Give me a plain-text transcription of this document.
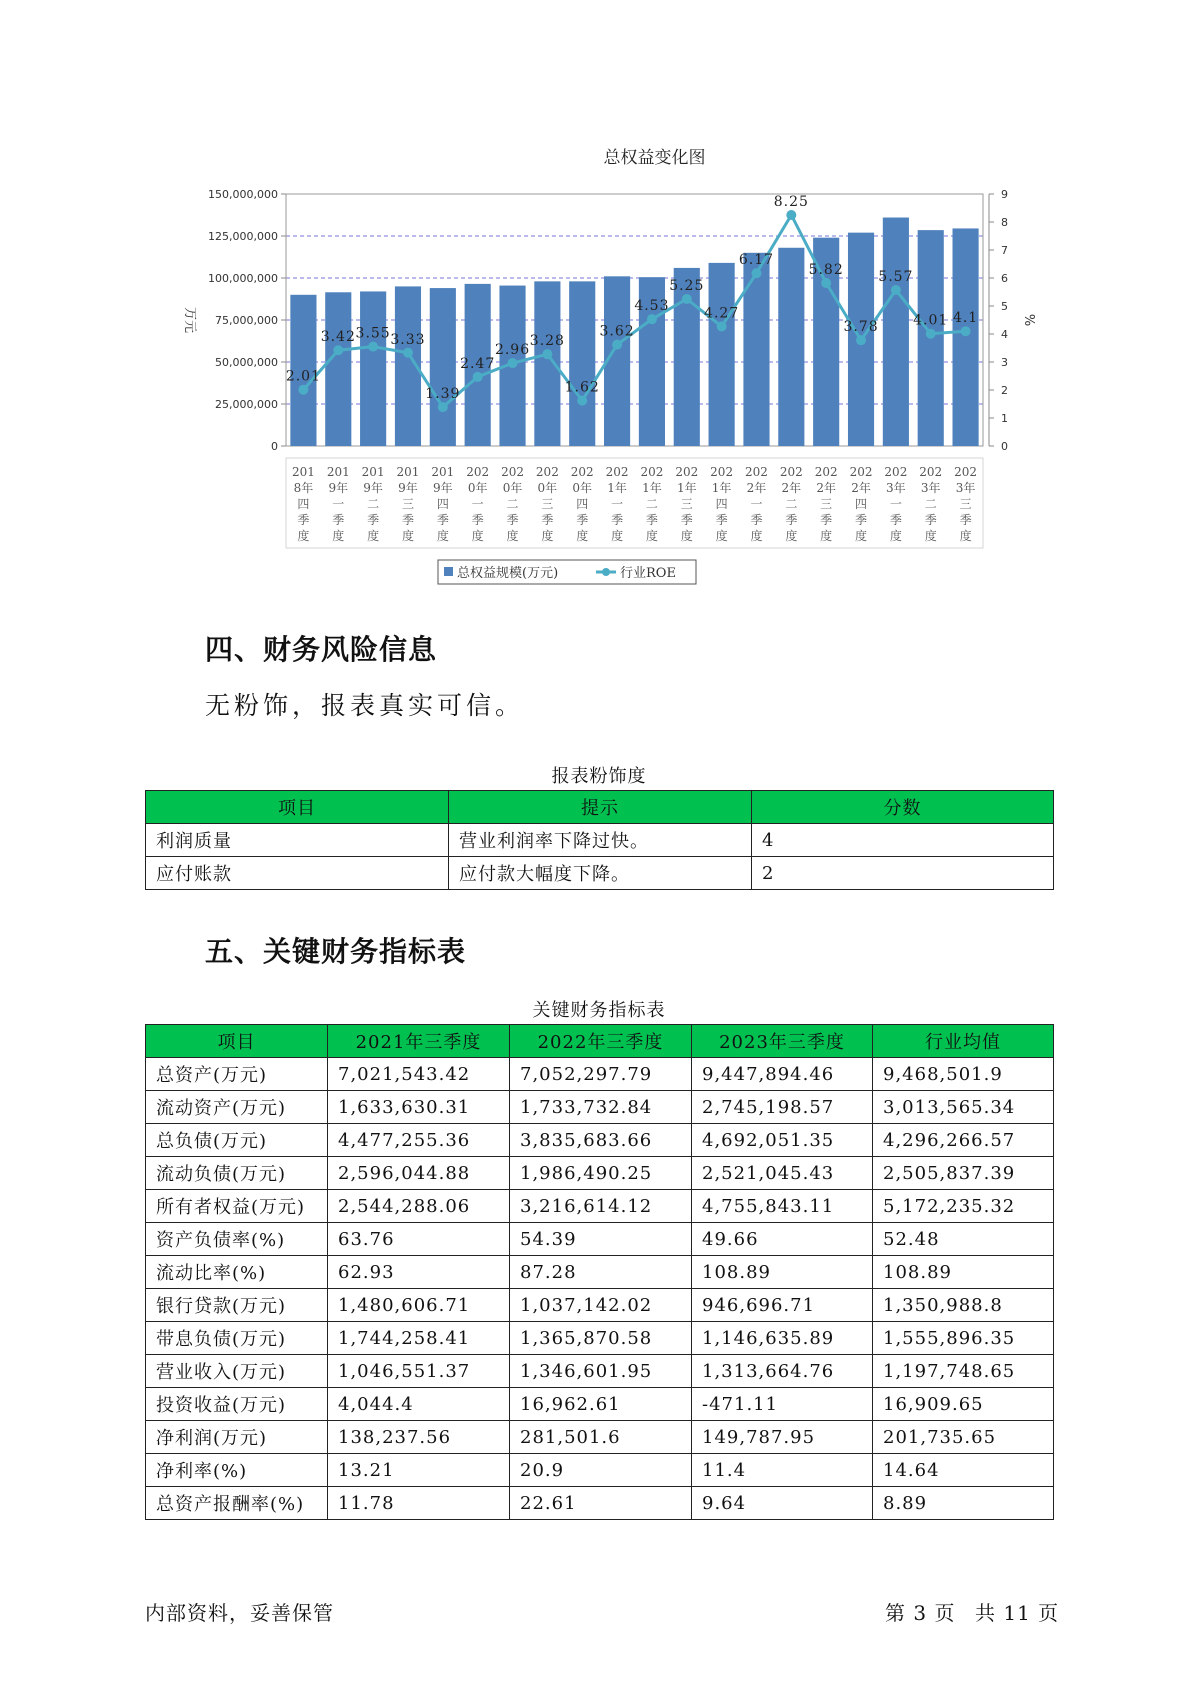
总权益变化图
0
25,000,000
50,000,000
75,000,000
100,000,000
125,000,000
150,000,000
0
1
2
3
4
5
6
7
8
9
万元	%
201
8年
四
季
度
201
9年
一
季
度
201
9年
二
季
度
201
9年
三
季
度
201
9年
四
季
度
202
0年
一
季
度
202
0年
二
季
度
202
0年
三
季
度
202
0年
四
季
度
202
1年
一
季
度
202
1年
二
季
度
202
1年
三
季
度
202
1年
四
季
度
202
2年
一
季
度
202
2年
二
季
度
202
2年
三
季
度
202
2年
四
季
度
202
3年
一
季
度
202
3年
二
季
度
202
3年
三
季
度
2.01
3.42 3.55 3.33
1.39
2.47
2.96
3.28
1.62
3.62
4.53
5.25
4.27
6.17
8.25
5.82
3.78
5.57
4.01 4.1
总权益规模(万元)	行业ROE
四、财务风险信息

无粉饰，报表真实可信。

报表粉饰度
项目	提示	分数
利润质量	营业利润率下降过快。	4
应付账款	应付款大幅度下降。	2
五、关键财务指标表
关键财务指标表
项目	2021年三季度	2022年三季度	2023年三季度	行业均值
总资产(万元)	7,021,543.42	7,052,297.79	9,447,894.46	9,468,501.9
流动资产(万元)	1,633,630.31	1,733,732.84	2,745,198.57	3,013,565.34
总负债(万元)	4,477,255.36	3,835,683.66	4,692,051.35	4,296,266.57
流动负债(万元)	2,596,044.88	1,986,490.25	2,521,045.43	2,505,837.39
所有者权益(万元)	2,544,288.06	3,216,614.12	4,755,843.11	5,172,235.32
资产负债率(%)	63.76	54.39	49.66	52.48
流动比率(%)	62.93	87.28	108.89	108.89
银行贷款(万元)	1,480,606.71	1,037,142.02	946,696.71	1,350,988.8
带息负债(万元)	1,744,258.41	1,365,870.58	1,146,635.89	1,555,896.35
营业收入(万元)	1,046,551.37	1,346,601.95	1,313,664.76	1,197,748.65
投资收益(万元)	4,044.4	16,962.61	-471.11	16,909.65
净利润(万元)	138,237.56	281,501.6	149,787.95	201,735.65
净利率(%)	13.21	20.9	11.4	14.64
总资产报酬率(%)	11.78	22.61	9.64	8.89
内部资料，妥善保管	第 3 页 共 11 页
